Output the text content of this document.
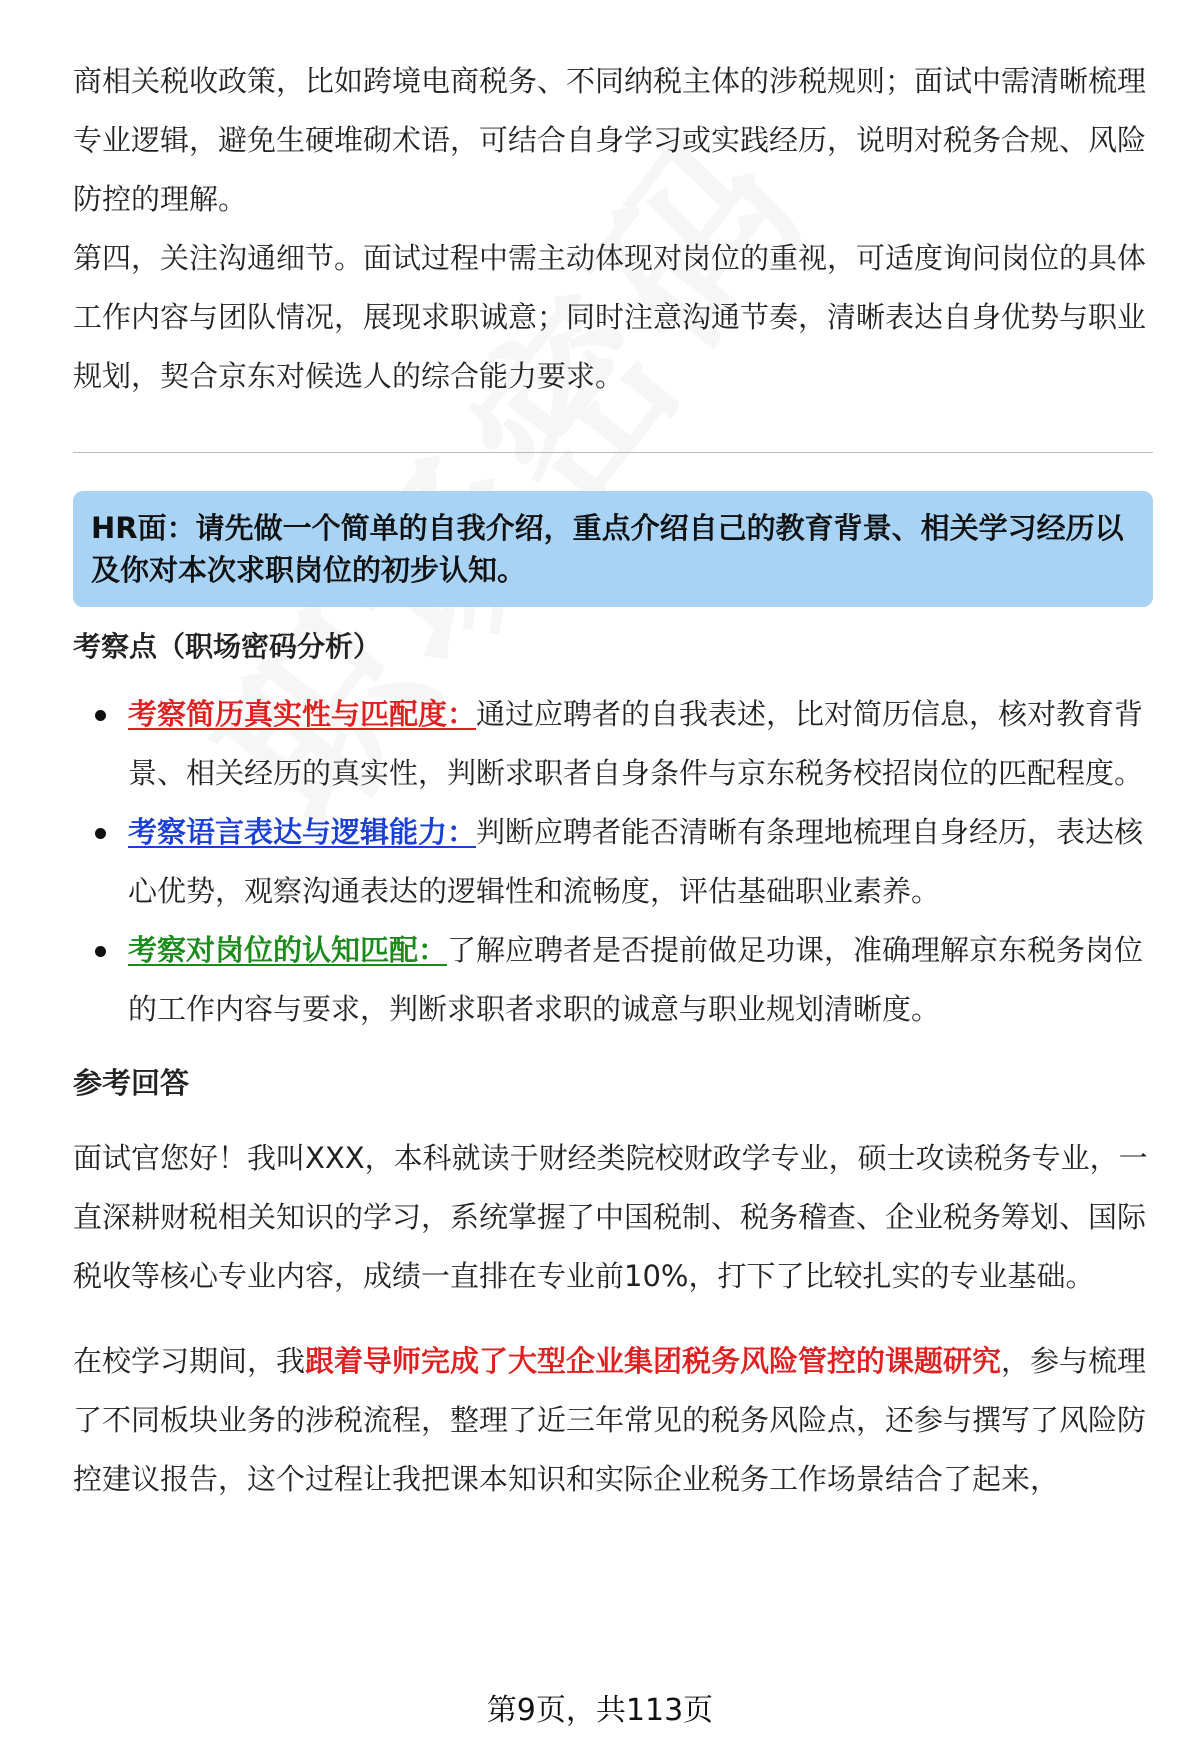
商相关税收政策，比如跨境电商税务、不同纳税主体的涉税规则；面试中需清晰梳理专业逻辑，避免生硬堆砌术语，可结合自身学习或实践经历，说明对税务合规、风险防控的理解。

第四，关注沟通细节。面试过程中需主动体现对岗位的重视，可适度询问岗位的具体工作内容与团队情况，展现求职诚意；同时注意沟通节奏，清晰表达自身优势与职业规划，契合京东对候选人的综合能力要求。

HR面：请先做一个简单的自我介绍，重点介绍自己的教育背景、相关学习经历以及你对本次求职岗位的初步认知。
考察点（职场密码分析）
考察简历真实性与匹配度：通过应聘者的自我表述，比对简历信息，核对教育背景、相关经历的真实性，判断求职者自身条件与京东税务校招岗位的匹配程度。
考察语言表达与逻辑能力：判断应聘者能否清晰有条理地梳理自身经历，表达核心优势，观察沟通表达的逻辑性和流畅度，评估基础职业素养。
考察对岗位的认知匹配：了解应聘者是否提前做足功课，准确理解京东税务岗位的工作内容与要求，判断求职者求职的诚意与职业规划清晰度。
参考回答

面试官您好！我叫XXX，本科就读于财经类院校财政学专业，硕士攻读税务专业，一直深耕财税相关知识的学习，系统掌握了中国税制、税务稽查、企业税务筹划、国际税收等核心专业内容，成绩一直排在专业前10%，打下了比较扎实的专业基础。

在校学习期间，我跟着导师完成了大型企业集团税务风险管控的课题研究，参与梳理了不同板块业务的涉税流程，整理了近三年常见的税务风险点，还参与撰写了风险防控建议报告，这个过程让我把课本知识和实际企业税务工作场景结合了起来，

第9页，共113页
